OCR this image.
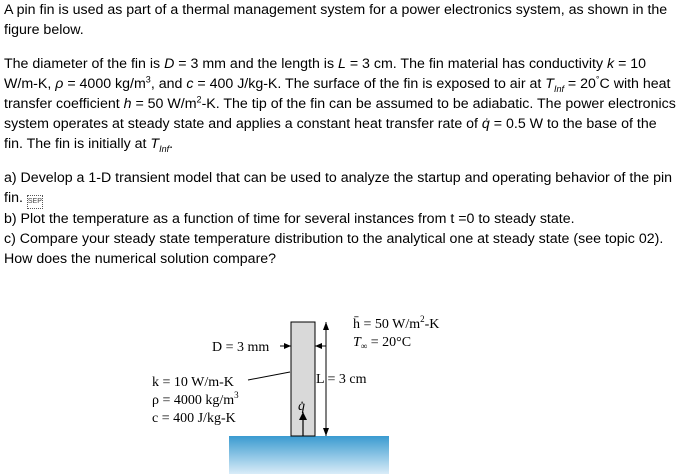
A pin fin is used as part of a thermal management system for a power electronics system, as shown in the figure below.

The diameter of the fin is D = 3 mm and the length is L = 3 cm. The fin material has conductivity k = 10 W/m-K, ρ = 4000 $kg/m^3$, and c = 400 J/kg-K. The surface of the fin is exposed to air at $T_{Inf} = 20^\circ C$ with heat transfer coefficient h = 50 $W/m^2-K$. The tip of the fin can be assumed to be adiabatic. The power electronics system operates at steady state and applies a constant heat transfer rate of q̇ = 0.5 W to the base of the fin. The fin is initially at $T_{Inf}$.

a) Develop a 1-D transient model that can be used to analyze the startup and operating behavior of the pin fin. SEP

b) Plot the temperature as a function of time for several instances from t =0 to steady state.

c) Compare your steady state temperature distribution to the analytical one at steady state (see topic 02). How does the numerical solution compare?

D = 3 mm
L = 3 cm
h̄ = 50 $W/m^2-K$
$T_\infty = 20^\circ C$
k = 10 W/m-K
ρ = 4000 $kg/m^3$
c = 400 J/kg-K
q̇
